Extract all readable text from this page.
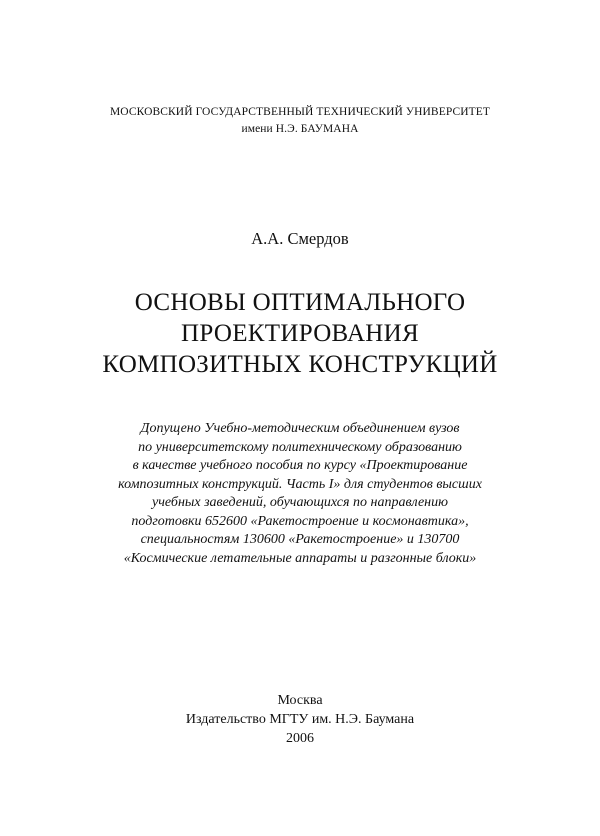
МОСКОВСКИЙ ГОСУДАРСТВЕННЫЙ ТЕХНИЧЕСКИЙ УНИВЕРСИТЕТ
имени Н.Э. БАУМАНА
А.А. Смердов
ОСНОВЫ ОПТИМАЛЬНОГО
ПРОЕКТИРОВАНИЯ
КОМПОЗИТНЫХ КОНСТРУКЦИЙ
Допущено Учебно-методическим объединением вузов
по университетскому политехническому образованию
в качестве учебного пособия по курсу «Проектирование
композитных конструкций. Часть I» для студентов высших
учебных заведений, обучающихся по направлению
подготовки 652600 «Ракетостроение и космонавтика»,
специальностям 130600 «Ракетостроение» и 130700
«Космические летательные аппараты и разгонные блоки»
Москва
Издательство МГТУ им. Н.Э. Баумана
2006
